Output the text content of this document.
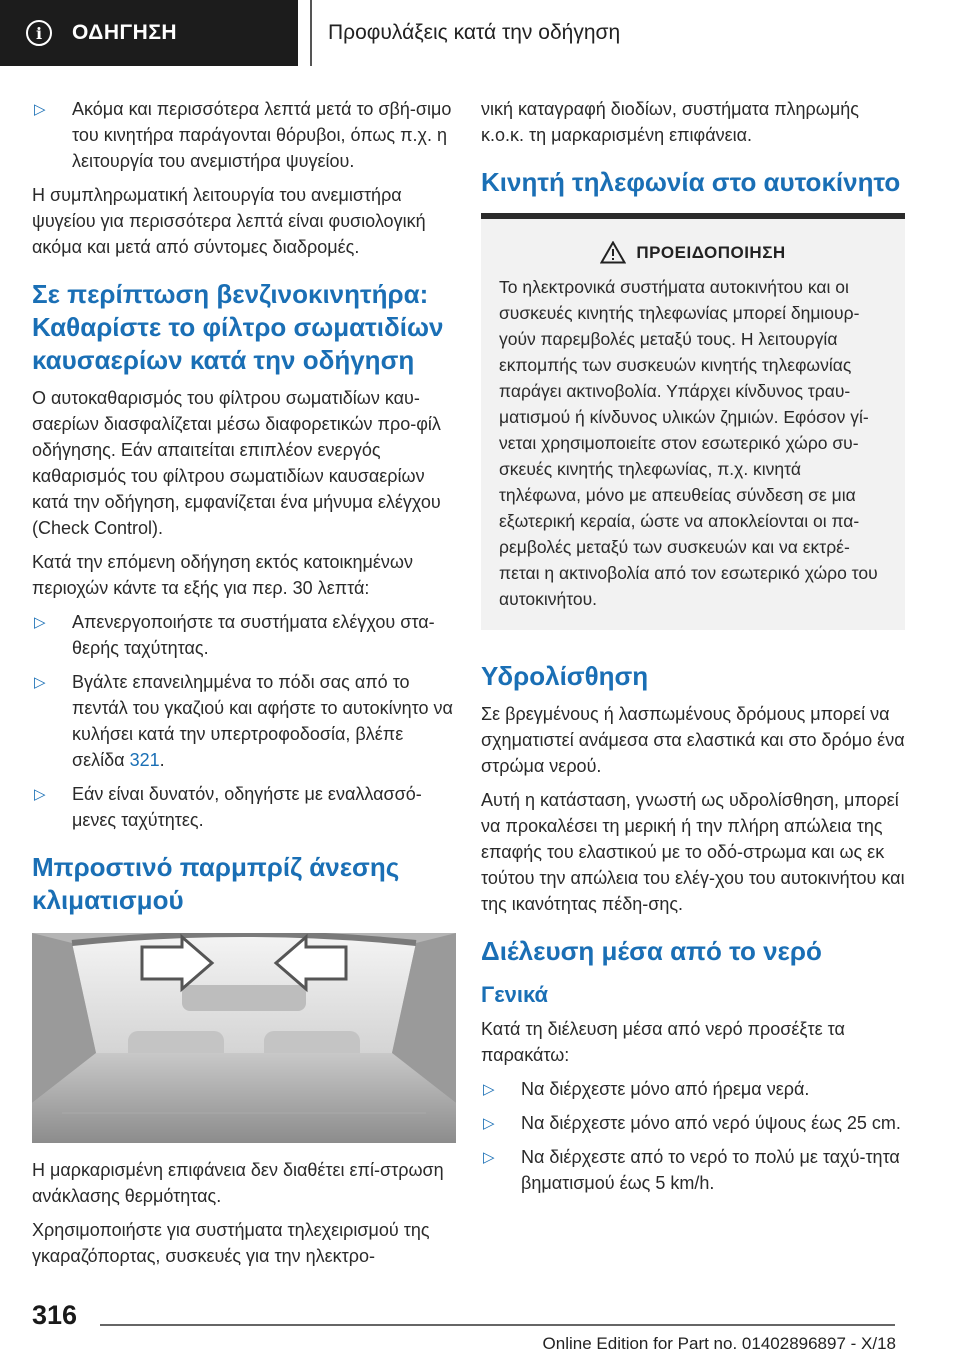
i	ΟΔΗΓΗΣΗ	Προφυλάξεις κατά την οδήγηση
▷ Ακόμα και περισσότερα λεπτά μετά το σβή-σιμο του κινητήρα παράγονται θόρυβοι, όπως π.χ. η λειτουργία του ανεμιστήρα ψυγείου.

Η συμπληρωματική λειτουργία του ανεμιστήρα ψυγείου για περισσότερα λεπτά είναι φυσιολογική ακόμα και μετά από σύντομες διαδρομές.

Σε περίπτωση βενζινοκινητήρα: Καθαρίστε το φίλτρο σωματιδίων καυσαερίων κατά την οδήγηση

Ο αυτοκαθαρισμός του φίλτρου σωματιδίων καυ-σαερίων διασφαλίζεται μέσω διαφορετικών προ-φίλ οδήγησης. Εάν απαιτείται επιπλέον ενεργός καθαρισμός του φίλτρου σωματιδίων καυσαερίων κατά την οδήγηση, εμφανίζεται ένα μήνυμα ελέγχου (Check Control).

Κατά την επόμενη οδήγηση εκτός κατοικημένων περιοχών κάντε τα εξής για περ. 30 λεπτά:

▷ Απενεργοποιήστε τα συστήματα ελέγχου στα-θερής ταχύτητας.
▷ Βγάλτε επανειλημμένα το πόδι σας από το πεντάλ του γκαζιού και αφήστε το αυτοκίνητο να κυλήσει κατά την υπερτροφοδοσία, βλέπε σελίδα 321.
▷ Εάν είναι δυνατόν, οδηγήστε με εναλλασσό-μενες ταχύτητες.
Μπροστινό παρμπρίζ άνεσης κλιματισμού

Η μαρκαρισμένη επιφάνεια δεν διαθέτει επί-στρωση ανάκλασης θερμότητας.

Χρησιμοποιήστε για συστήματα τηλεχειρισμού της γκαραζόπορτας, συσκευές για την ηλεκτρο-

νική καταγραφή διοδίων, συστήματα πληρωμής κ.ο.κ. τη μαρκαρισμένη επιφάνεια.

Κινητή τηλεφωνία στο αυτοκίνητο
ΠΡΟΕΙΔΟΠΟΙΗΣΗ

Το ηλεκτρονικά συστήματα αυτοκινήτου και οι συσκευές κινητής τηλεφωνίας μπορεί δημιουρ-γούν παρεμβολές μεταξύ τους. Η λειτουργία εκπομπής των συσκευών κινητής τηλεφωνίας παράγει ακτινοβολία. Υπάρχει κίνδυνος τραυ-ματισμού ή κίνδυνος υλικών ζημιών. Εφόσον γί-νεται χρησιμοποιείτε στον εσωτερικό χώρο συ-σκευές κινητής τηλεφωνίας, π.χ. κινητά τηλέφωνα, μόνο με απευθείας σύνδεση σε μια εξωτερική κεραία, ώστε να αποκλείονται οι πα-ρεμβολές μεταξύ των συσκευών και να εκτρέ-πεται η ακτινοβολία από τον εσωτερικό χώρο του αυτοκινήτου.

Υδρολίσθηση

Σε βρεγμένους ή λασπωμένους δρόμους μπορεί να σχηματιστεί ανάμεσα στα ελαστικά και στο δρόμο ένα στρώμα νερού.

Αυτή η κατάσταση, γνωστή ως υδρολίσθηση, μπορεί να προκαλέσει τη μερική ή την πλήρη απώλεια της επαφής του ελαστικού με το οδό-στρωμα και ως εκ τούτου την απώλεια του ελέγ-χου του αυτοκινήτου και της ικανότητας πέδη-σης.

Διέλευση μέσα από το νερό
Γενικά

Κατά τη διέλευση μέσα από νερό προσέξτε τα παρακάτω:

▷ Να διέρχεστε μόνο από ήρεμα νερά.
▷ Να διέρχεστε μόνο από νερό ύψους έως 25 cm.
▷ Να διέρχεστε από το νερό το πολύ με ταχύ-τητα βηματισμού έως 5 km/h.
316
Online Edition for Part no. 01402896897 - X/18
